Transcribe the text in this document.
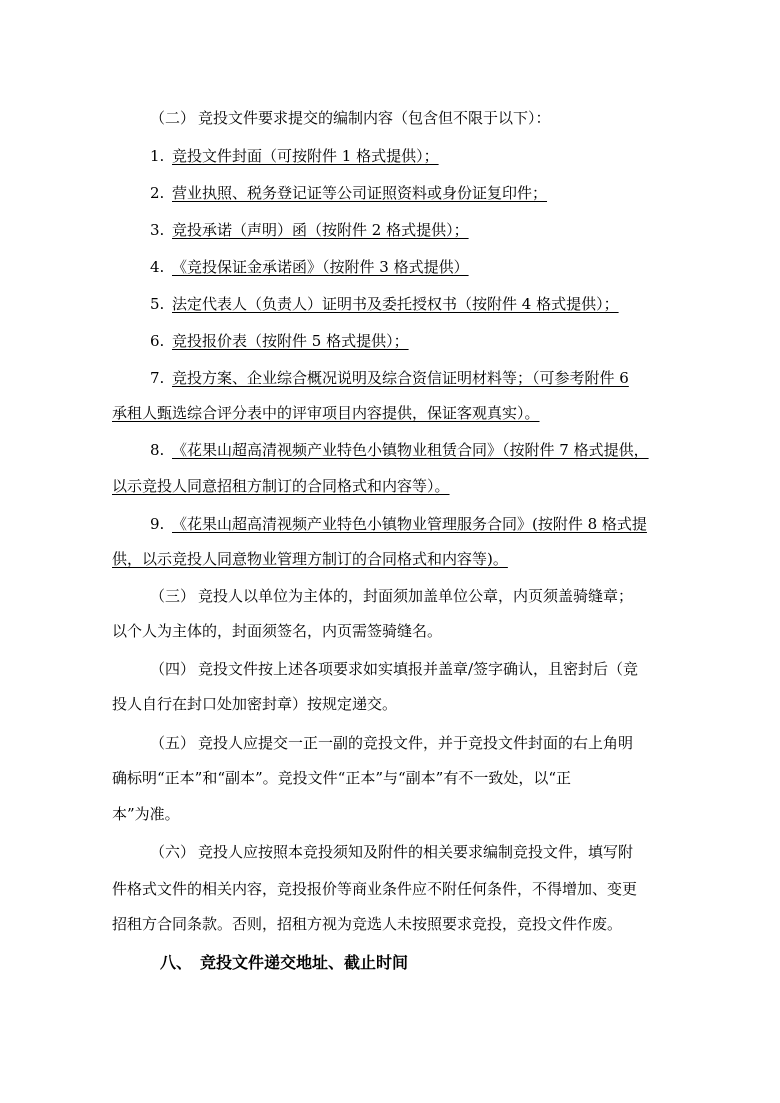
（二） 竞投文件要求提交的编制内容（包含但不限于以下）：
1. 竞投文件封面（可按附件 1 格式提供）；
2. 营业执照、税务登记证等公司证照资料或身份证复印件；
3. 竞投承诺（声明）函（按附件 2 格式提供）；
4. 《竞投保证金承诺函》（按附件 3 格式提供）
5. 法定代表人（负责人）证明书及委托授权书（按附件 4 格式提供）；
6. 竞投报价表（按附件 5 格式提供）；
7. 竞投方案、企业综合概况说明及综合资信证明材料等；（可参考附件 6
承租人甄选综合评分表中的评审项目内容提供，保证客观真实）。
8. 《花果山超高清视频产业特色小镇物业租赁合同》（按附件 7 格式提供，
以示竞投人同意招租方制订的合同格式和内容等）。
9. 《花果山超高清视频产业特色小镇物业管理服务合同》(按附件 8 格式提
供，以示竞投人同意物业管理方制订的合同格式和内容等)。
（三） 竞投人以单位为主体的，封面须加盖单位公章，内页须盖骑缝章；
以个人为主体的，封面须签名，内页需签骑缝名。
（四） 竞投文件按上述各项要求如实填报并盖章/签字确认，且密封后（竞
投人自行在封口处加密封章）按规定递交。
（五） 竞投人应提交一正一副的竞投文件，并于竞投文件封面的右上角明
确标明“正本”和“副本”。竞投文件“正本”与“副本”有不一致处，以“正
本”为准。
（六） 竞投人应按照本竞投须知及附件的相关要求编制竞投文件，填写附
件格式文件的相关内容，竞投报价等商业条件应不附任何条件，不得增加、变更
招租方合同条款。否则，招租方视为竞选人未按照要求竞投，竞投文件作废。
八、 竞投文件递交地址、截止时间
